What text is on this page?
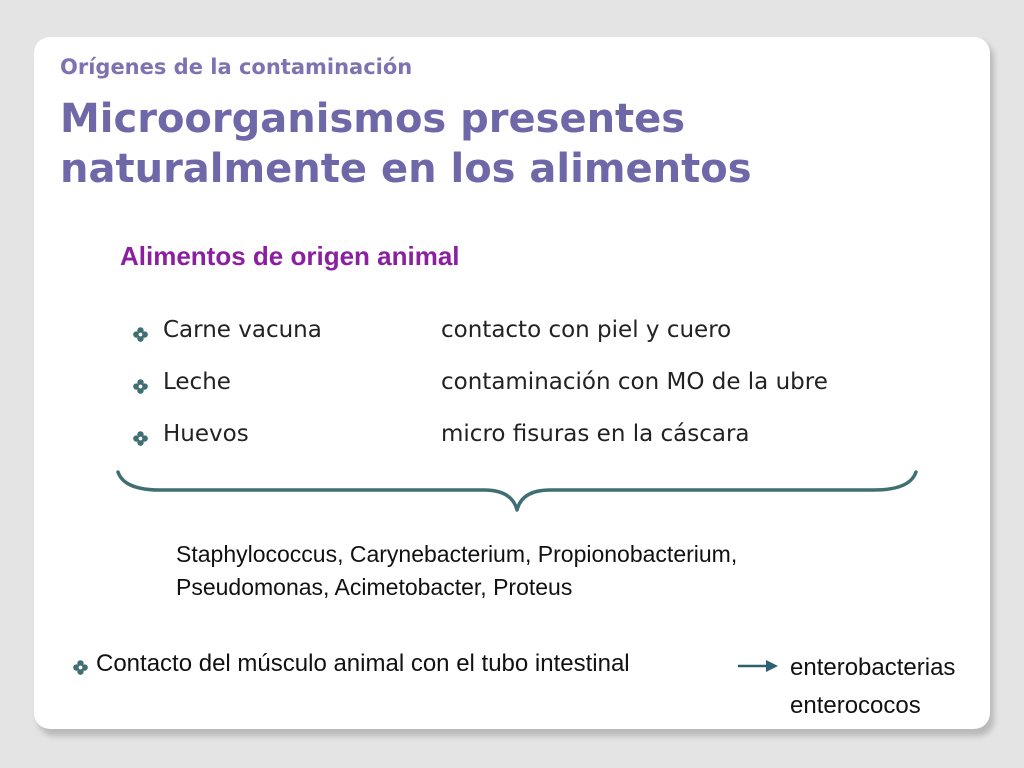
Orígenes de la contaminación
Microorganismos presentes
naturalmente en los alimentos
Alimentos de origen animal
Carne vacuna	contacto con piel y cuero
Leche	contaminación con MO de la ubre
Huevos	micro fisuras en la cáscara
Staphylococcus, Carynebacterium, Propionobacterium,
Pseudomonas, Acimetobacter, Proteus
Contacto del músculo animal con el tubo intestinal	enterobacterias
enterococos
